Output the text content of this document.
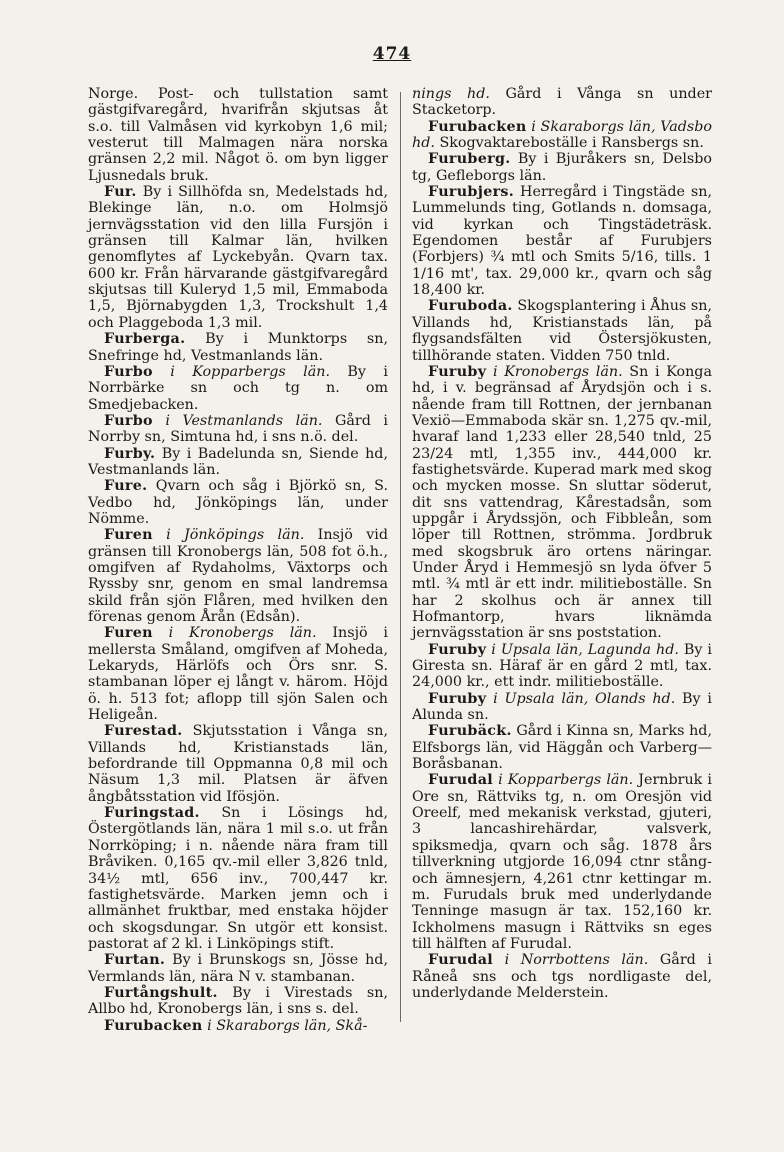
474

Norge. Post- och tullstation samt gästgifvaregård, hvarifrån skjutsas åt s.o. till Valmåsen vid kyrkobyn 1,6 mil; vesterut till Malmagen nära norska gränsen 2,2 mil. Något ö. om byn ligger Ljusnedals bruk.

Fur. By i Sillhöfda sn, Medelstads hd, Blekinge län, n.o. om Holmsjö jernvägsstation vid den lilla Fursjön i gränsen till Kalmar län, hvilken genomflytes af Lyckebyån. Qvarn tax. 600 kr. Från härvarande gästgifvaregård skjutsas till Kuleryd 1,5 mil, Emmaboda 1,5, Björnabygden 1,3, Trockshult 1,4 och Plaggeboda 1,3 mil.

Furberga. By i Munktorps sn, Snefringe hd, Vestmanlands län.

Furbo i Kopparbergs län. By i Norrbärke sn och tg n. om Smedjebacken.

Furbo i Vestmanlands län. Gård i Norrby sn, Simtuna hd, i sns n.ö. del.

Furby. By i Badelunda sn, Siende hd, Vestmanlands län.

Fure. Qvarn och såg i Björkö sn, S. Vedbo hd, Jönköpings län, under Nömme.

Furen i Jönköpings län. Insjö vid gränsen till Kronobergs län, 508 fot ö.h., omgifven af Rydaholms, Växtorps och Ryssby snr, genom en smal landremsa skild från sjön Flåren, med hvilken den förenas genom Årån (Edsån).

Furen i Kronobergs län. Insjö i mellersta Småland, omgifven af Moheda, Lekaryds, Härlöfs och Örs snr. S. stambanan löper ej långt v. härom. Höjd ö. h. 513 fot; aflopp till sjön Salen och Heligeån.

Furestad. Skjutsstation i Vånga sn, Villands hd, Kristianstads län, befordrande till Oppmanna 0,8 mil och Näsum 1,3 mil. Platsen är äfven ångbåtsstation vid Ifösjön.

Furingstad. Sn i Lösings hd, Östergötlands län, nära 1 mil s.o. ut från Norrköping; i n. nående nära fram till Bråviken. 0,165 qv.-mil eller 3,826 tnld, 34½ mtl, 656 inv., 700,447 kr. fastighetsvärde. Marken jemn och i allmänhet fruktbar, med enstaka höjder och skogsdungar. Sn utgör ett konsist. pastorat af 2 kl. i Linköpings stift.

Furtan. By i Brunskogs sn, Jösse hd, Vermlands län, nära N v. stambanan.

Furtångshult. By i Virestads sn, Allbo hd, Kronobergs län, i sns s. del.

Furubacken i Skaraborgs län, Skå-

nings hd. Gård i Vånga sn under Stacketorp.

Furubacken i Skaraborgs län, Vadsbo hd. Skogvaktareboställe i Ransbergs sn.

Furuberg. By i Bjuråkers sn, Delsbo tg, Gefleborgs län.

Furubjers. Herregård i Tingstäde sn, Lummelunds ting, Gotlands n. domsaga, vid kyrkan och Tingstädeträsk. Egendomen består af Furubjers (Forbjers) ¾ mtl och Smits 5/16, tills. 1 1/16 mt', tax. 29,000 kr., qvarn och såg 18,400 kr.

Furuboda. Skogsplantering i Åhus sn, Villands hd, Kristianstads län, på flygsandsfälten vid Östersjökusten, tillhörande staten. Vidden 750 tnld.

Furuby i Kronobergs län. Sn i Konga hd, i v. begränsad af Årydsjön och i s. nående fram till Rottnen, der jernbanan Vexiö—Emmaboda skär sn. 1,275 qv.-mil, hvaraf land 1,233 eller 28,540 tnld, 25 23/24 mtl, 1,355 inv., 444,000 kr. fastighetsvärde. Kuperad mark med skog och mycken mosse. Sn sluttar söderut, dit sns vattendrag, Kårestadsån, som uppgår i Årydssjön, och Fibbleån, som löper till Rottnen, strömma. Jordbruk med skogsbruk äro ortens näringar. Under Åryd i Hemmesjö sn lyda öfver 5 mtl. ¾ mtl är ett indr. militieboställe. Sn har 2 skolhus och är annex till Hofmantorp, hvars liknämda jernvägsstation är sns poststation.

Furuby i Upsala län, Lagunda hd. By i Giresta sn. Häraf är en gård 2 mtl, tax. 24,000 kr., ett indr. militieboställe.

Furuby i Upsala län, Olands hd. By i Alunda sn.

Furubäck. Gård i Kinna sn, Marks hd, Elfsborgs län, vid Häggån och Varberg—Boråsbanan.

Furudal i Kopparbergs län. Jernbruk i Ore sn, Rättviks tg, n. om Oresjön vid Oreelf, med mekanisk verkstad, gjuteri, 3 lancashirehärdar, valsverk, spiksmedja, qvarn och såg. 1878 års tillverkning utgjorde 16,094 ctnr stång- och ämnesjern, 4,261 ctnr kettingar m. m. Furudals bruk med underlydande Tenninge masugn är tax. 152,160 kr. Ickholmens masugn i Rättviks sn eges till hälften af Furudal.

Furudal i Norrbottens län. Gård i Råneå sns och tgs nordligaste del, underlydande Melderstein.
